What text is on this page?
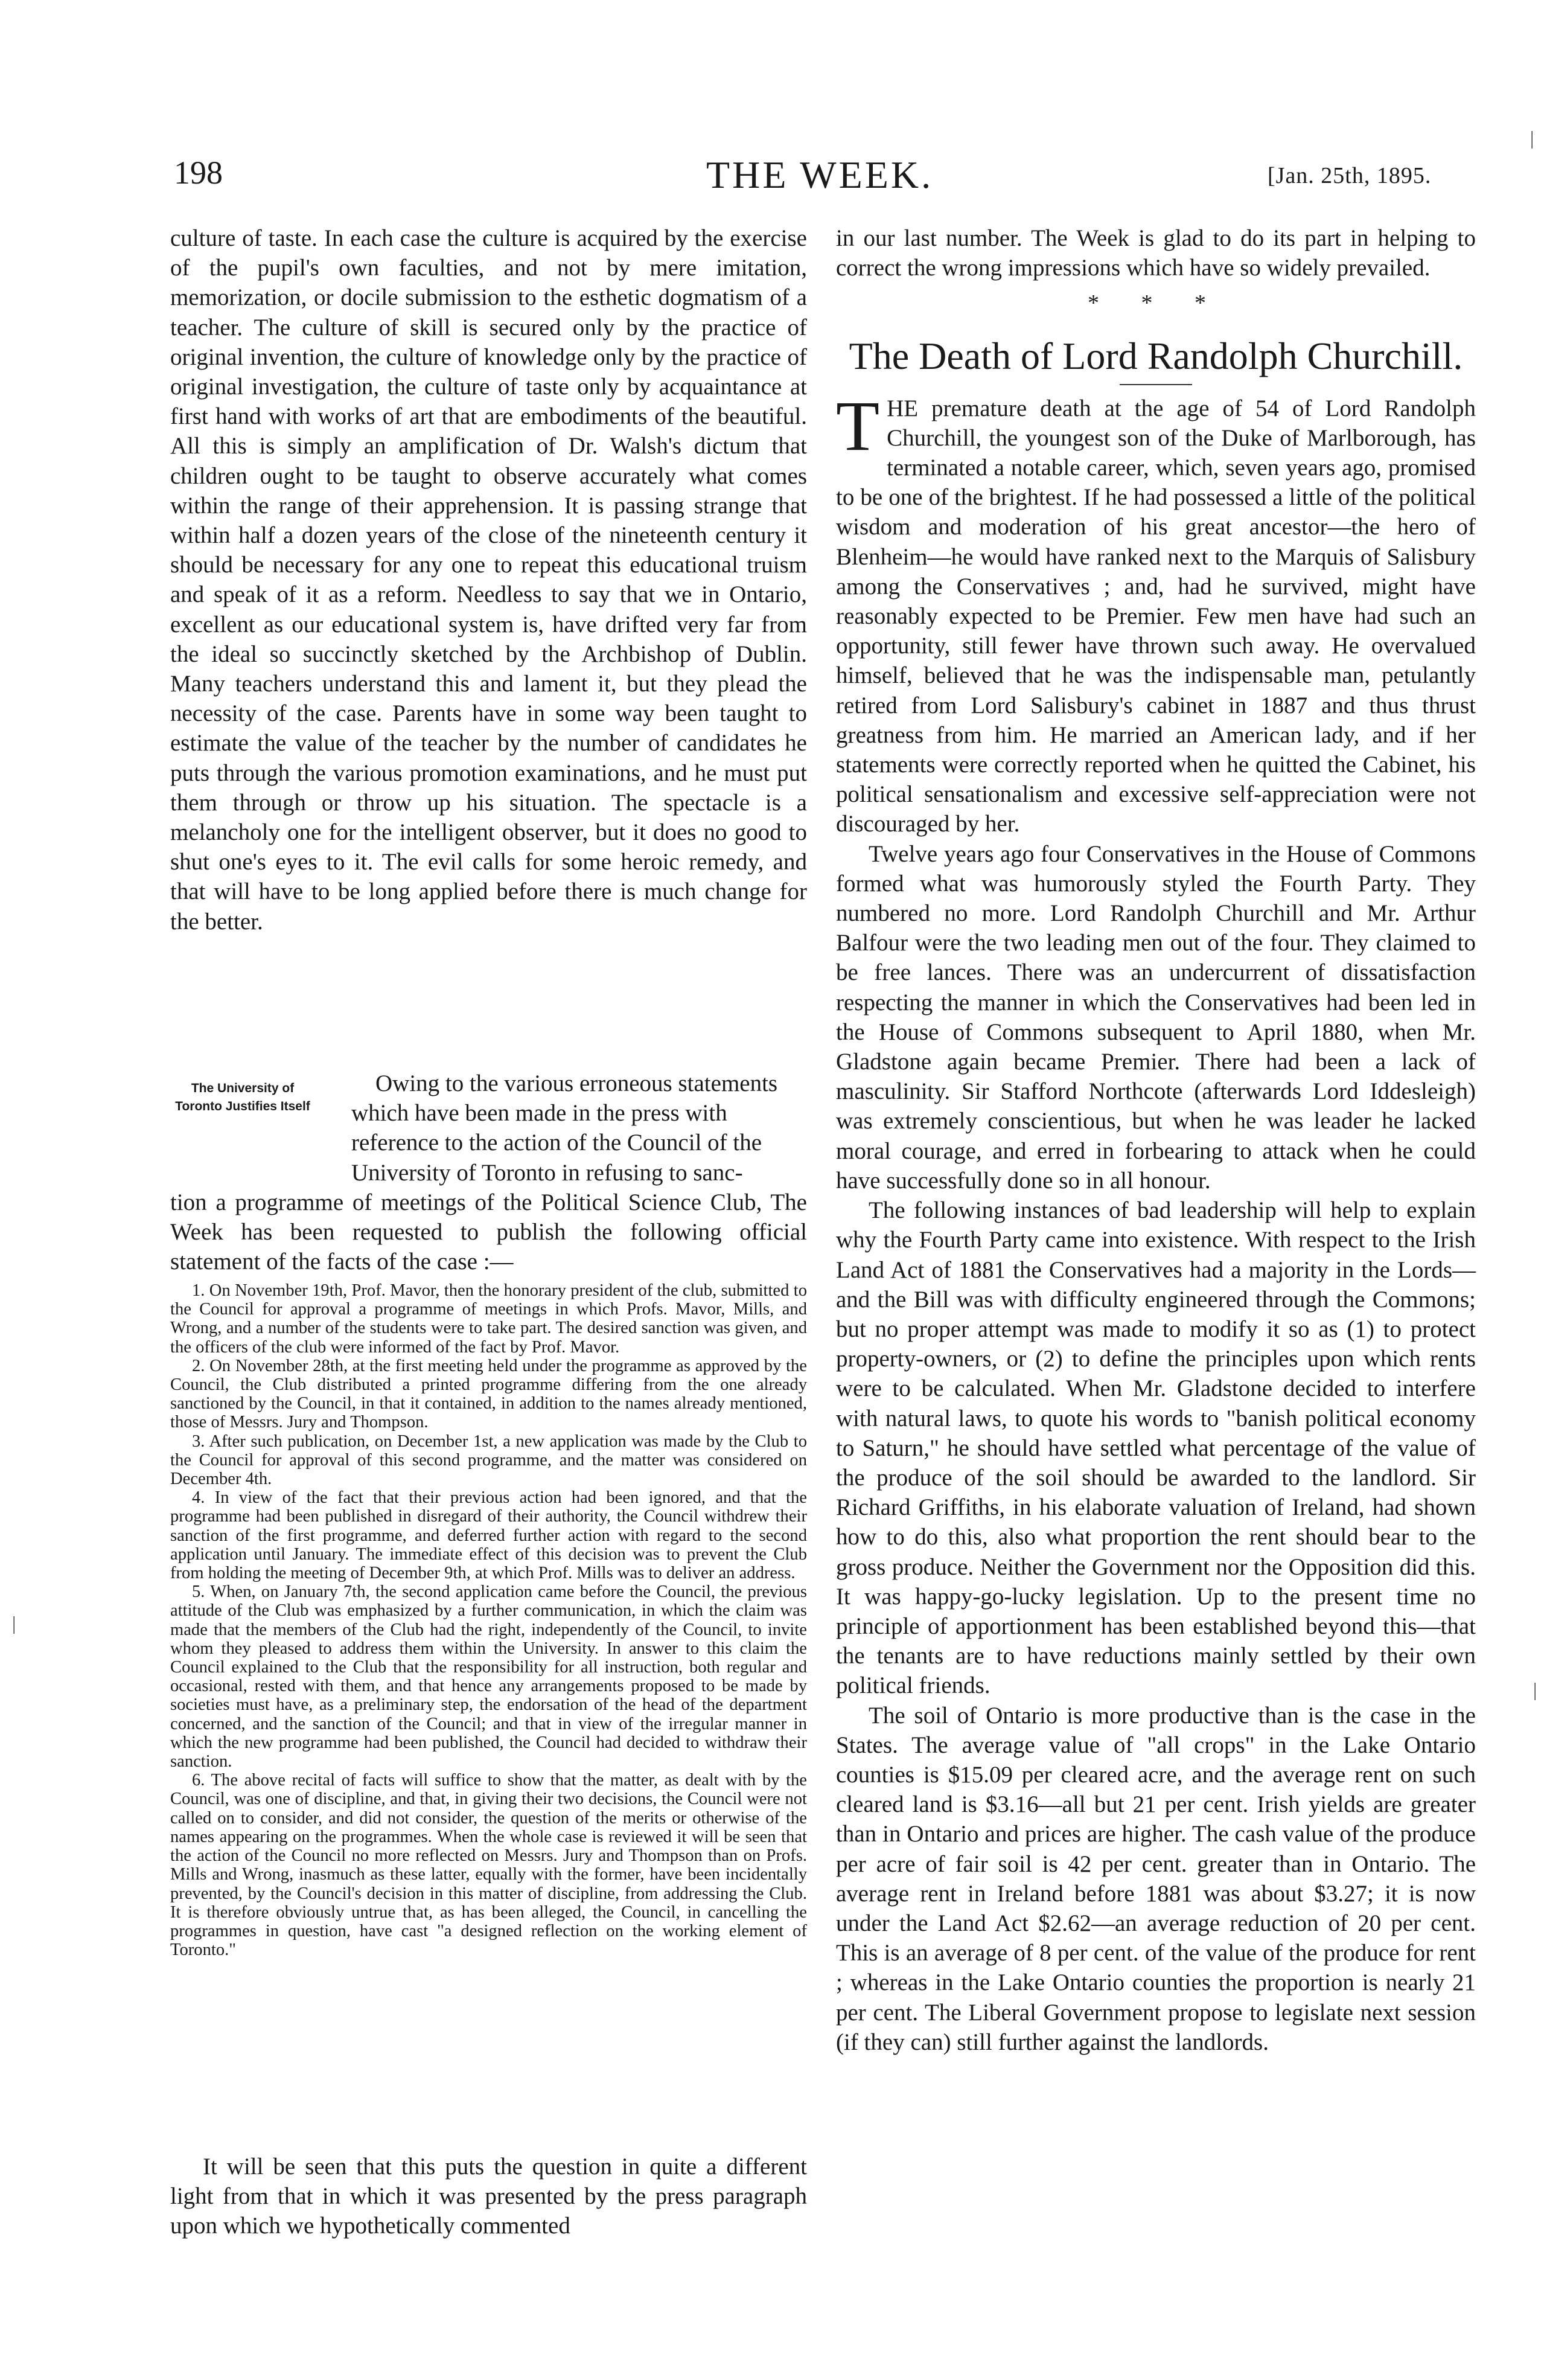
198	THE WEEK.	[Jan. 25th, 1895.

culture of taste. In each case the culture is acquired by the exercise of the pupil's own faculties, and not by mere imitation, memorization, or docile submission to the esthetic dogmatism of a teacher. The culture of skill is secured only by the practice of original invention, the culture of knowledge only by the practice of original investigation, the culture of taste only by acquaintance at first hand with works of art that are embodiments of the beautiful. All this is simply an amplification of Dr. Walsh's dictum that children ought to be taught to observe accurately what comes within the range of their apprehension. It is passing strange that within half a dozen years of the close of the nineteenth century it should be necessary for any one to repeat this educational truism and speak of it as a reform. Needless to say that we in Ontario, excellent as our educational system is, have drifted very far from the ideal so succinctly sketched by the Archbishop of Dublin. Many teachers understand this and lament it, but they plead the necessity of the case. Parents have in some way been taught to estimate the value of the teacher by the number of candidates he puts through the various promotion examinations, and he must put them through or throw up his situation. The spectacle is a melancholy one for the intelligent observer, but it does no good to shut one's eyes to it. The evil calls for some heroic remedy, and that will have to be long applied before there is much change for the better.

The University of Toronto Justifies Itself
Owing to the various erroneous statements
which have been made in the press with
reference to the action of the Council of the
University of Toronto in refusing to sanc-
tion a programme of meetings of the Political Science Club, The Week has been requested to publish the following official statement of the facts of the case :—

1. On November 19th, Prof. Mavor, then the honorary president of the club, submitted to the Council for approval a programme of meetings in which Profs. Mavor, Mills, and Wrong, and a number of the students were to take part. The desired sanction was given, and the officers of the club were informed of the fact by Prof. Mavor.

2. On November 28th, at the first meeting held under the programme as approved by the Council, the Club distributed a printed programme differing from the one already sanctioned by the Council, in that it contained, in addition to the names already mentioned, those of Messrs. Jury and Thompson.

3. After such publication, on December 1st, a new application was made by the Club to the Council for approval of this second programme, and the matter was considered on December 4th.

4. In view of the fact that their previous action had been ignored, and that the programme had been published in disregard of their authority, the Council withdrew their sanction of the first programme, and deferred further action with regard to the second application until January. The immediate effect of this decision was to prevent the Club from holding the meeting of December 9th, at which Prof. Mills was to deliver an address.

5. When, on January 7th, the second application came before the Council, the previous attitude of the Club was emphasized by a further communication, in which the claim was made that the members of the Club had the right, independently of the Council, to invite whom they pleased to address them within the University. In answer to this claim the Council explained to the Club that the responsibility for all instruction, both regular and occasional, rested with them, and that hence any arrangements proposed to be made by societies must have, as a preliminary step, the endorsation of the head of the department concerned, and the sanction of the Council; and that in view of the irregular manner in which the new programme had been published, the Council had decided to withdraw their sanction.

6. The above recital of facts will suffice to show that the matter, as dealt with by the Council, was one of discipline, and that, in giving their two decisions, the Council were not called on to consider, and did not consider, the question of the merits or otherwise of the names appearing on the programmes. When the whole case is reviewed it will be seen that the action of the Council no more reflected on Messrs. Jury and Thompson than on Profs. Mills and Wrong, inasmuch as these latter, equally with the former, have been incidentally prevented, by the Council's decision in this matter of discipline, from addressing the Club. It is therefore obviously untrue that, as has been alleged, the Council, in cancelling the programmes in question, have cast "a designed reflection on the working element of Toronto."

It will be seen that this puts the question in quite a different light from that in which it was presented by the press paragraph upon which we hypothetically commented

in our last number. The Week is glad to do its part in helping to correct the wrong impressions which have so widely prevailed.

* * *
The Death of Lord Randolph Churchill.

THE premature death at the age of 54 of Lord Randolph Churchill, the youngest son of the Duke of Marlborough, has terminated a notable career, which, seven years ago, promised to be one of the brightest. If he had possessed a little of the political wisdom and moderation of his great ancestor—the hero of Blenheim—he would have ranked next to the Marquis of Salisbury among the Conservatives ; and, had he survived, might have reasonably expected to be Premier. Few men have had such an opportunity, still fewer have thrown such away. He overvalued himself, believed that he was the indispensable man, petulantly retired from Lord Salisbury's cabinet in 1887 and thus thrust greatness from him. He married an American lady, and if her statements were correctly reported when he quitted the Cabinet, his political sensationalism and excessive self-appreciation were not discouraged by her.

Twelve years ago four Conservatives in the House of Commons formed what was humorously styled the Fourth Party. They numbered no more. Lord Randolph Churchill and Mr. Arthur Balfour were the two leading men out of the four. They claimed to be free lances. There was an undercurrent of dissatisfaction respecting the manner in which the Conservatives had been led in the House of Commons subsequent to April 1880, when Mr. Gladstone again became Premier. There had been a lack of masculinity. Sir Stafford Northcote (afterwards Lord Iddesleigh) was extremely conscientious, but when he was leader he lacked moral courage, and erred in forbearing to attack when he could have successfully done so in all honour.

The following instances of bad leadership will help to explain why the Fourth Party came into existence. With respect to the Irish Land Act of 1881 the Conservatives had a majority in the Lords—and the Bill was with difficulty engineered through the Commons; but no proper attempt was made to modify it so as (1) to protect property-owners, or (2) to define the principles upon which rents were to be calculated. When Mr. Gladstone decided to interfere with natural laws, to quote his words to "banish political economy to Saturn," he should have settled what percentage of the value of the produce of the soil should be awarded to the landlord. Sir Richard Griffiths, in his elaborate valuation of Ireland, had shown how to do this, also what proportion the rent should bear to the gross produce. Neither the Government nor the Opposition did this. It was happy-go-lucky legislation. Up to the present time no principle of apportionment has been established beyond this—that the tenants are to have reductions mainly settled by their own political friends.

The soil of Ontario is more productive than is the case in the States. The average value of "all crops" in the Lake Ontario counties is $15.09 per cleared acre, and the average rent on such cleared land is $3.16—all but 21 per cent. Irish yields are greater than in Ontario and prices are higher. The cash value of the produce per acre of fair soil is 42 per cent. greater than in Ontario. The average rent in Ireland before 1881 was about $3.27; it is now under the Land Act $2.62—an average reduction of 20 per cent. This is an average of 8 per cent. of the value of the produce for rent ; whereas in the Lake Ontario counties the proportion is nearly 21 per cent. The Liberal Government propose to legislate next session (if they can) still further against the landlords.

|
|
|
